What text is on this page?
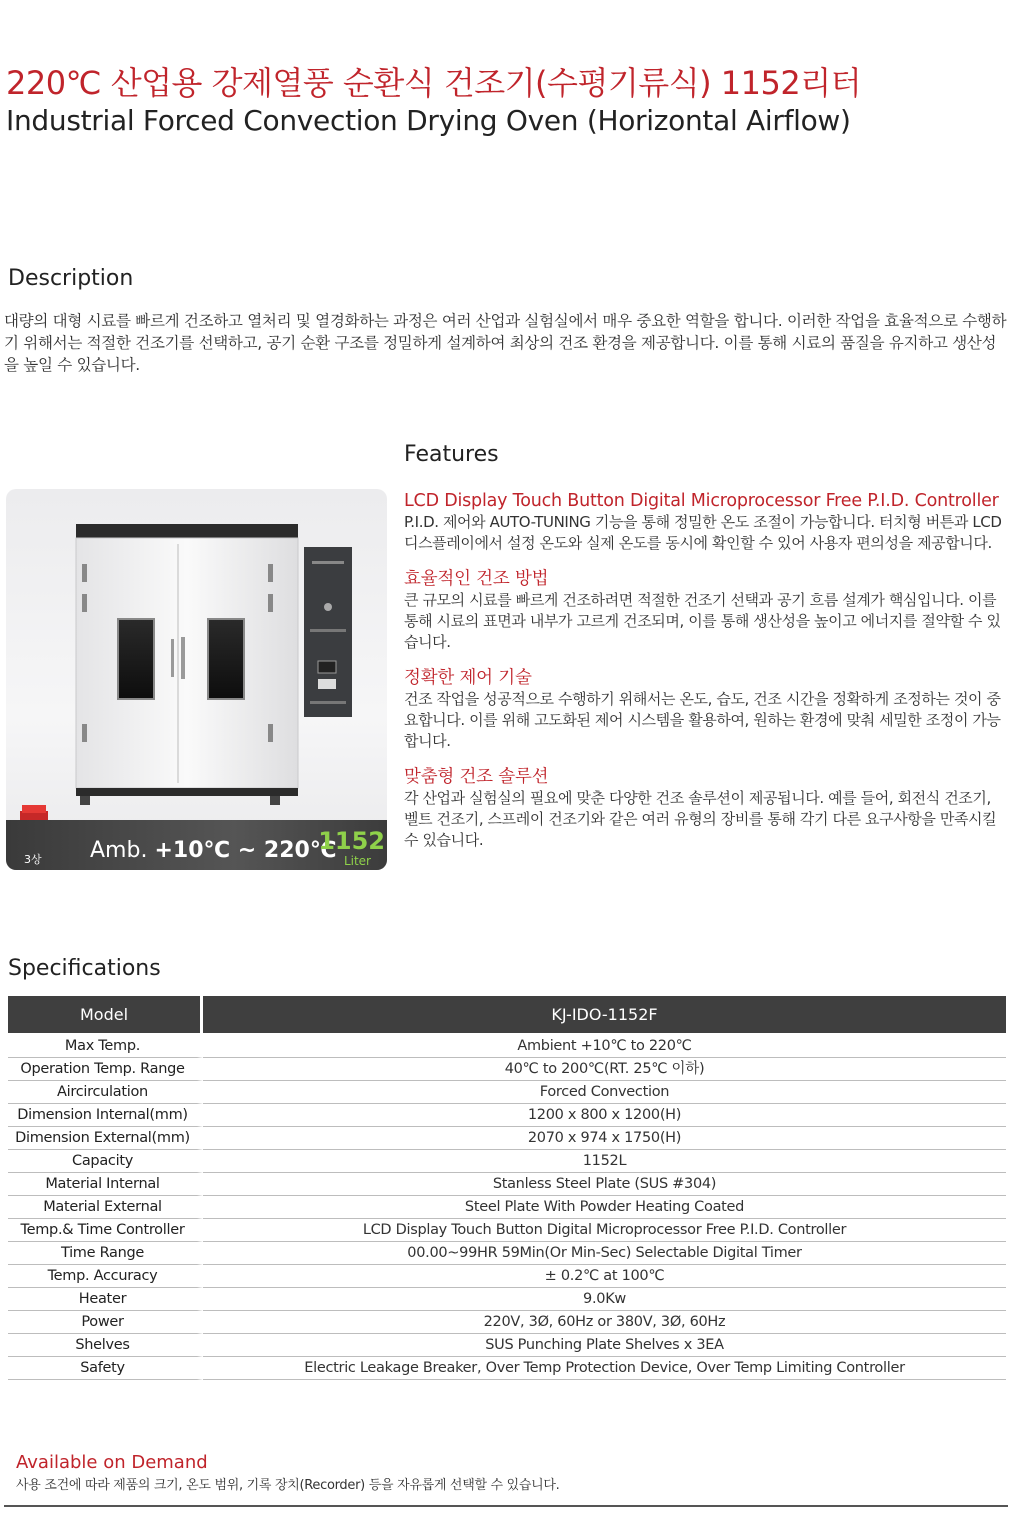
220℃ 산업용 강제열풍 순환식 건조기(수평기류식) 1152리터
Industrial Forced Convection Drying Oven (Horizontal Airflow)
Description
대량의 대형 시료를 빠르게 건조하고 열처리 및 열경화하는 과정은 여러 산업과 실험실에서 매우 중요한 역할을 합니다. 이러한 작업을 효율적으로 수행하기 위해서는 적절한 건조기를 선택하고, 공기 순환 구조를 정밀하게 설계하여 최상의 건조 환경을 제공합니다. 이를 통해 시료의 품질을 유지하고 생산성을 높일 수 있습니다.
3상 Amb. +10℃ ~ 220℃
1152
Liter
Features
LCD Display Touch Button Digital Microprocessor Free P.I.D. Controller
P.I.D. 제어와 AUTO-TUNING 기능을 통해 정밀한 온도 조절이 가능합니다. 터치형 버튼과 LCD 디스플레이에서 설정 온도와 실제 온도를 동시에 확인할 수 있어 사용자 편의성을 제공합니다.
효율적인 건조 방법
큰 규모의 시료를 빠르게 건조하려면 적절한 건조기 선택과 공기 흐름 설계가 핵심입니다. 이를 통해 시료의 표면과 내부가 고르게 건조되며, 이를 통해 생산성을 높이고 에너지를 절약할 수 있습니다.
정확한 제어 기술
건조 작업을 성공적으로 수행하기 위해서는 온도, 습도, 건조 시간을 정확하게 조정하는 것이 중요합니다. 이를 위해 고도화된 제어 시스템을 활용하여, 원하는 환경에 맞춰 세밀한 조정이 가능합니다.
맞춤형 건조 솔루션
각 산업과 실험실의 필요에 맞춘 다양한 건조 솔루션이 제공됩니다. 예를 들어, 회전식 건조기, 벨트 건조기, 스프레이 건조기와 같은 여러 유형의 장비를 통해 각기 다른 요구사항을 만족시킬 수 있습니다.
Specifications
Model	KJ-IDO-1152F
Max Temp.	Ambient +10℃ to 220℃
Operation Temp. Range	40℃ to 200℃(RT. 25℃ 이하)
Aircirculation	Forced Convection
Dimension Internal(mm)	1200 x 800 x 1200(H)
Dimension External(mm)	2070 x 974 x 1750(H)
Capacity	1152L
Material Internal	Stanless Steel Plate (SUS #304)
Material External	Steel Plate With Powder Heating Coated
Temp.& Time Controller	LCD Display Touch Button Digital Microprocessor Free P.I.D. Controller
Time Range	00.00~99HR 59Min(Or Min-Sec) Selectable Digital Timer
Temp. Accuracy	± 0.2℃ at 100℃
Heater	9.0Kw
Power	220V, 3Ø, 60Hz or 380V, 3Ø, 60Hz
Shelves	SUS Punching Plate Shelves x 3EA
Safety	Electric Leakage Breaker, Over Temp Protection Device, Over Temp Limiting Controller
Available on Demand
사용 조건에 따라 제품의 크기, 온도 범위, 기록 장치(Recorder) 등을 자유롭게 선택할 수 있습니다.
